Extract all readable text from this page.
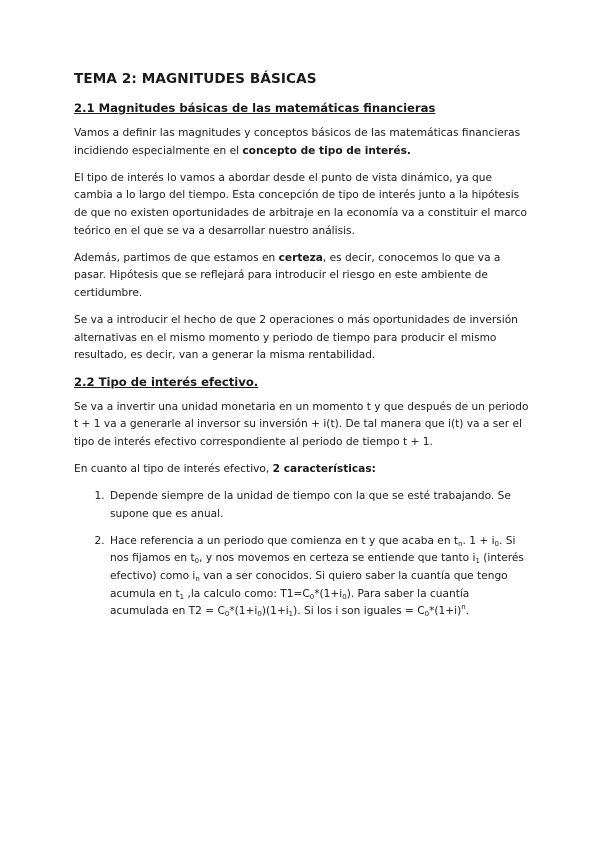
TEMA 2: MAGNITUDES BÁSICAS
2.1 Magnitudes básicas de las matemáticas financieras

Vamos a definir las magnitudes y conceptos básicos de las matemáticas financieras incidiendo especialmente en el concepto de tipo de interés.

El tipo de interés lo vamos a abordar desde el punto de vista dinámico, ya que cambia a lo largo del tiempo. Esta concepción de tipo de interés junto a la hipótesis de que no existen oportunidades de arbitraje en la economía va a constituir el marco teórico en el que se va a desarrollar nuestro análisis.

Además, partimos de que estamos en certeza, es decir, conocemos lo que va a pasar. Hipótesis que se reflejará para introducir el riesgo en este ambiente de certidumbre.

Se va a introducir el hecho de que 2 operaciones o más oportunidades de inversión alternativas en el mismo momento y periodo de tiempo para producir el mismo resultado, es decir, van a generar la misma rentabilidad.

2.2 Tipo de interés efectivo.

Se va a invertir una unidad monetaria en un momento t y que después de un periodo t + 1 va a generarle al inversor su inversión + i(t). De tal manera que i(t) va a ser el tipo de interés efectivo correspondiente al periodo de tiempo t + 1.

En cuanto al tipo de interés efectivo, 2 características:

1. Depende siempre de la unidad de tiempo con la que se esté trabajando. Se supone que es anual.
2. Hace referencia a un periodo que comienza en t y que acaba en $t_n$. $1 + i_0$. Si nos fijamos en $t_0$, y nos movemos en certeza se entiende que tanto $i_1$ (interés efectivo) como $i_n$ van a ser conocidos. Si quiero saber la cuantía que tengo acumula en $t_1$ ,la calculo como: $T1=C_0*(1+i_0)$. Para saber la cuantía acumulada en $T2 = C_0*(1+i_0)(1+i_1)$. Si los i son iguales = $C_0*(1+i)^n$.
